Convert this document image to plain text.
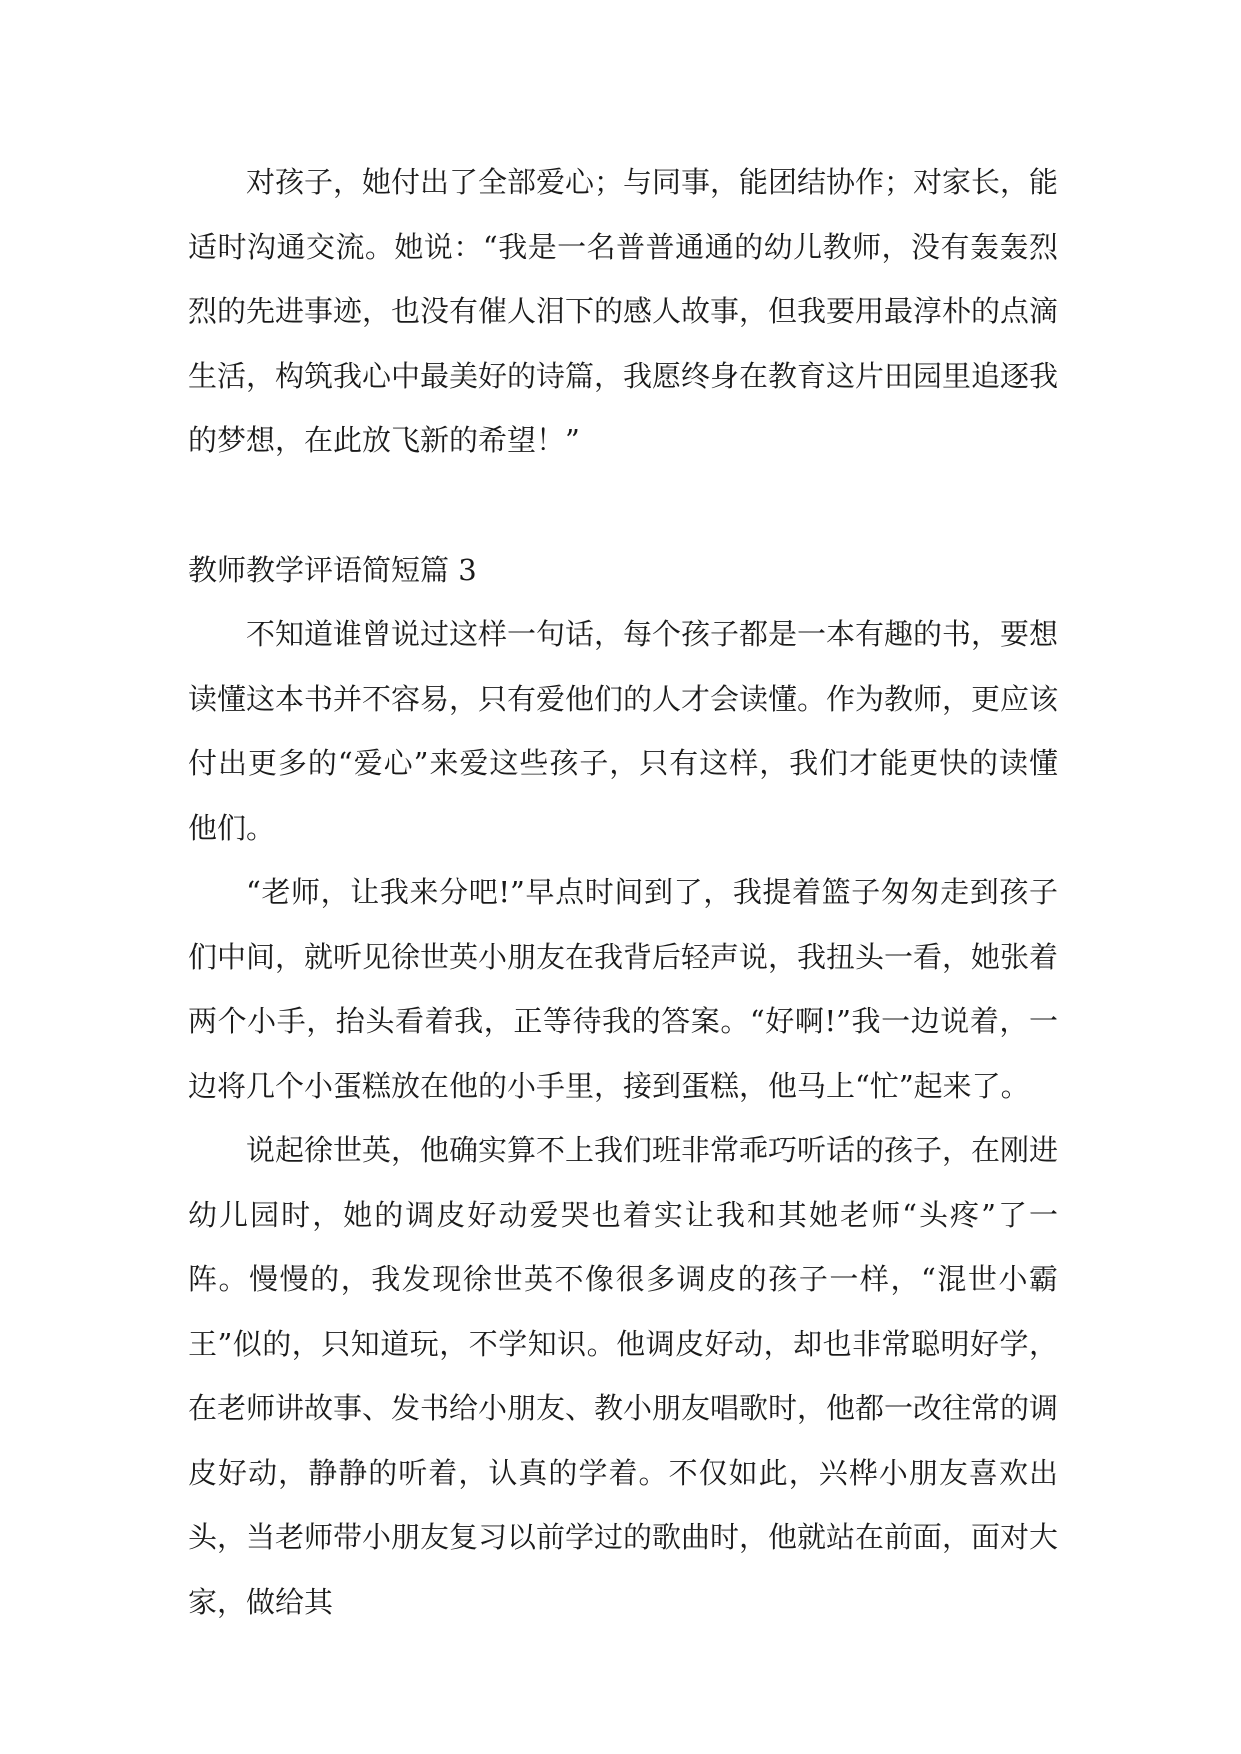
对孩子，她付出了全部爱心；与同事，能团结协作；对家长，能适时沟通交流。她说：“我是一名普普通通的幼儿教师，没有轰轰烈烈的先进事迹，也没有催人泪下的感人故事，但我要用最淳朴的点滴生活，构筑我心中最美好的诗篇，我愿终身在教育这片田园里追逐我的梦想，在此放飞新的希望！”

教师教学评语简短篇 3

不知道谁曾说过这样一句话，每个孩子都是一本有趣的书，要想读懂这本书并不容易，只有爱他们的人才会读懂。作为教师，更应该付出更多的“爱心”来爱这些孩子，只有这样，我们才能更快的读懂他们。

“老师，让我来分吧!”早点时间到了，我提着篮子匆匆走到孩子们中间，就听见徐世英小朋友在我背后轻声说，我扭头一看，她张着两个小手，抬头看着我，正等待我的答案。“好啊!”我一边说着，一边将几个小蛋糕放在他的小手里，接到蛋糕，他马上“忙”起来了。

说起徐世英，他确实算不上我们班非常乖巧听话的孩子，在刚进幼儿园时，她的调皮好动爱哭也着实让我和其她老师“头疼”了一阵。慢慢的，我发现徐世英不像很多调皮的孩子一样，“混世小霸王”似的，只知道玩，不学知识。他调皮好动，却也非常聪明好学，在老师讲故事、发书给小朋友、教小朋友唱歌时，他都一改往常的调皮好动，静静的听着，认真的学着。不仅如此，兴桦小朋友喜欢出头，当老师带小朋友复习以前学过的歌曲时，他就站在前面，面对大家，做给其
